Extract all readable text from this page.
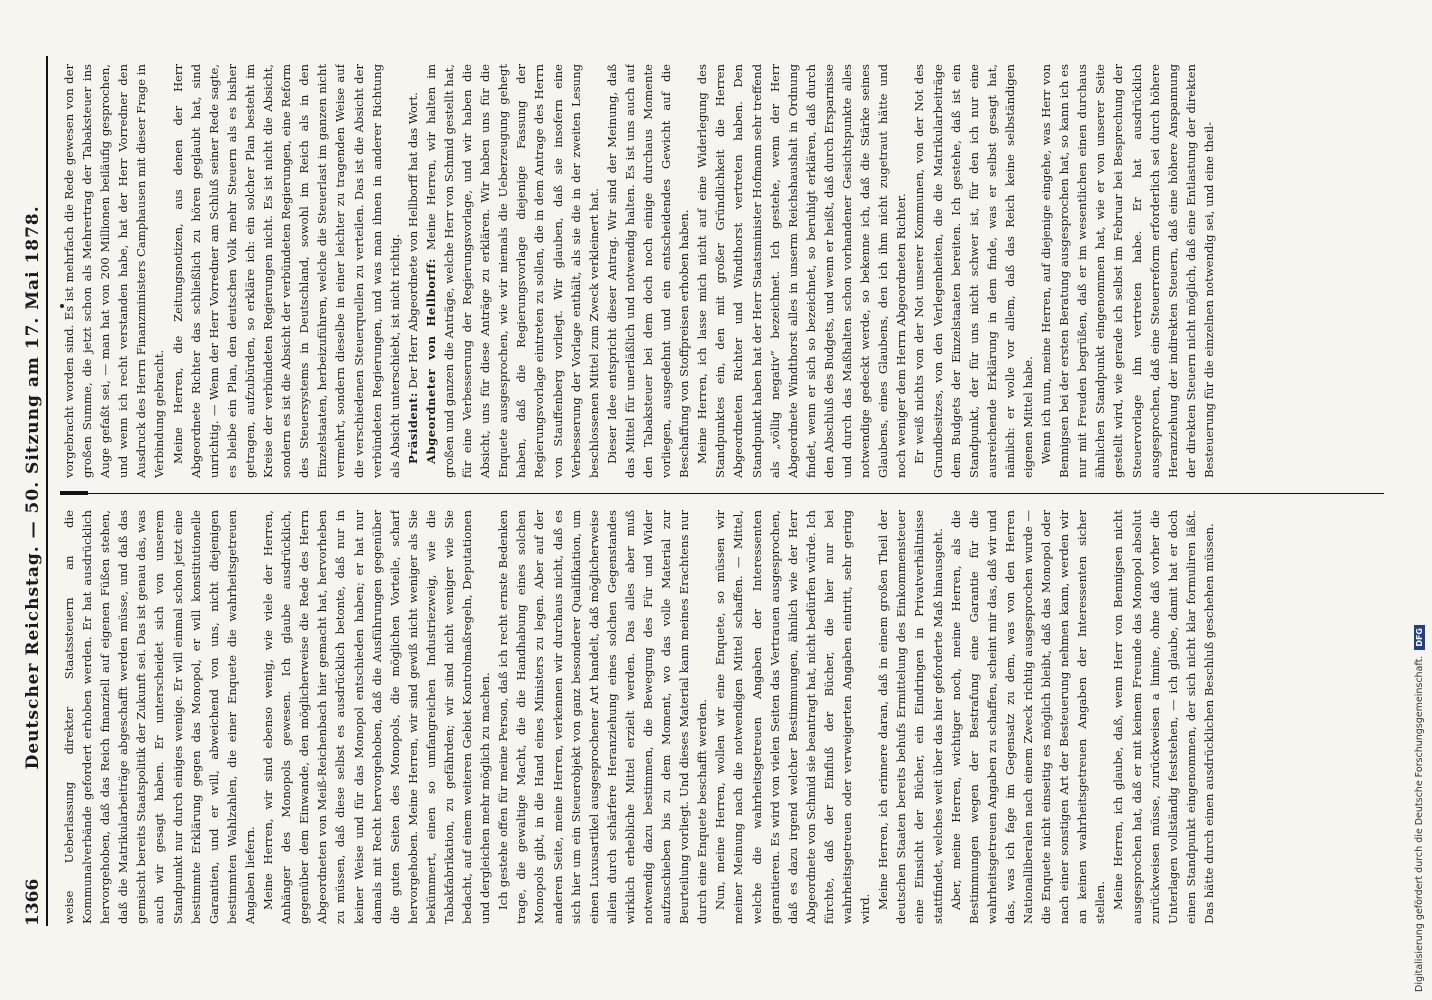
1366
Deutscher Reichstag. — 50. Sitzung am 17. Mai 1878. weise Ueberlassung direkter Staatssteuern an die Kommunalverbände gefordert erhoben werden. Er hat ausdrücklich hervorgehoben, daß das Reich finanziell auf eigenen Füßen stehen, daß die Matrikularbeiträge abgeschafft werden müsse, und daß das gemischt bereits Staatspolitik der Zukunft sei. Das ist genau das, was auch wir gesagt haben. Er unterscheidet sich von unserem Standpunkt nur durch einiges wenige. Er will einmal schon jetzt eine bestimmte Erklärung gegen das Monopol, er will konstitutionelle Garantien, und er will, abweichend von uns, nicht diejenigen bestimmten Wahlzahlen, die einer Enquete die wahrheitsgetreuen Angaben liefern. Meine Herren, wir sind ebenso wenig, wie viele der Herren, Anhänger des Monopols gewesen. Ich glaube ausdrücklich, gegenüber dem Einwande, den möglicherweise die Rede des Herrn Abgeordneten von Meiß-Reichenbach hier gemacht hat, hervorheben zu müssen, daß diese selbst es ausdrücklich betonte, daß nur in keiner Weise und für das Monopol entschieden haben; er hat nur damals mit Recht hervorgehoben, daß die Ausführungen gegenüber die guten Seiten des Monopols, die möglichen Vorteile, scharf hervorgehoben. Meine Herren, wir sind gewiß nicht weniger als Sie bekümmert, einen so umfangreichen Industriezweig, wie die Tabakfabrikation, zu gefährden; wir sind nicht weniger wie Sie bedacht, auf einem weiteren Gebiet Kontrolmaßregeln, Deputationen und dergleichen mehr möglich zu machen. Ich gestehe offen für meine Person, daß ich recht ernste Bedenken trage, die gewaltige Macht, die die Handhabung eines solchen Monopols gibt, in die Hand eines Ministers zu legen. Aber auf der anderen Seite, meine Herren, verkennen wir durchaus nicht, daß es sich hier um ein Steuerobjekt von ganz besonderer Qualifikation, um einen Luxusartikel ausgesprochener Art handelt, daß möglicherweise allein durch schärfere Heranziehung eines solchen Gegenstandes wirklich erhebliche Mittel erzielt werden. Das alles aber muß notwendig dazu bestimmen, die Bewegung des Für und Wider aufzuschieben bis zu dem Moment, wo das volle Material zur Beurteilung vorliegt. Und dieses Material kann meines Erachtens nur durch eine Enquete beschafft werden. Nun, meine Herren, wollen wir eine Enquete, so müssen wir meiner Meinung nach die notwendigen Mittel schaffen. — Mittel, welche die wahrheitsgetreuen Angaben der Interessenten garantieren. Es wird von vielen Seiten das Vertrauen ausgesprochen, daß es dazu irgend welcher Bestimmungen, ähnlich wie der Herr Abgeordnete von Schmid sie beantragt hat, nicht bedürfen würde. Ich fürchte, daß der Einfluß der Bücher, die hier nur bei wahrheitsgetreuen oder verweigerten Angaben eintritt, sehr gering wird. Meine Herren, ich erinnere daran, daß in einem großen Theil der deutschen Staaten bereits behufs Ermittelung des Einkommensteuer eine Einsicht der Bücher, ein Eindringen in Privatverhältnisse stattfindet, welches weit über das hier geforderte Maß hinausgeht. Aber, meine Herren, wichtiger noch, meine Herren, als die Bestimmungen wegen der Bestrafung eine Garantie für die wahrheitsgetreuen Angaben zu schaffen, scheint mir das, daß wir und das, was ich fage im Gegensatz zu dem, was von den Herren Nationalliberalen nach einem Zweck richtig ausgesprochen wurde — die Enquete nicht einseitig es möglich bleibt, daß das Monopol oder nach einer sonstigen Art der Besteuerung nehmen kann, werden wir an keinen wahrheitsgetreuen Angaben der Interessenten sicher stellen. Meine Herren, ich glaube, daß, wenn Herr von Bennigsen nicht ausgesprochen hat, daß er mit keinem Freunde das Monopol absolut zurückweisen müsse, zurückweisen a limine, ohne daß vorher die Unterlagen vollständig feststehen, — ich glaube, damit hat er doch einen Standpunkt eingenommen, der sich nicht klar formuliren läßt. Das hätte durch einen ausdrücklichen Beschluß geschehen müssen.

vorgebracht worden sind. Es ist mehrfach die Rede gewesen von der großen Summe, die jetzt schon als Mehrertrag der Tabaksteuer ins Auge gefaßt sei, — man hat von 200 Millionen beiläufig gesprochen, und wenn ich recht verstanden habe, hat der Herr Vorredner den Ausdruck des Herrn Finanzministers Camphausen mit dieser Frage in Verbindung gebracht. Meine Herren, die Zeitungsnotizen, aus denen der Herr Abgeordnete Richter das schließlich zu hören geglaubt hat, sind unrichtig. — Wenn der Herr Vorredner am Schluß seiner Rede sagte, es bleibe ein Plan, den deutschen Volk mehr Steuern als es bisher getragen, aufzubürden, so erkläre ich: ein solcher Plan besteht im Kreise der verbündeten Regierungen nicht. Es ist nicht die Absicht, sondern es ist die Absicht der verbündeten Regierungen, eine Reform des Steuersystems in Deutschland, sowohl im Reich als in den Einzelstaaten, herbeizuführen, welche die Steuerlast im ganzen nicht vermehrt, sondern dieselbe in einer leichter zu tragenden Weise auf die verschiedenen Steuerquellen zu verteilen. Das ist die Absicht der verbündeten Regierungen, und was man ihnen in anderer Richtung als Absicht unterschiebt, ist nicht richtig. Präsident: Der Herr Abgeordnete von Hellborff hat das Wort. Abgeordneter von Hellborff: Meine Herren, wir halten im großen und ganzen die Anträge, welche Herr von Schmid gestellt hat, für eine Verbesserung der Regierungsvorlage, und wir haben die Absicht, uns für diese Anträge zu erklären. Wir haben uns für die Enquete ausgesprochen, wie wir niemals die Ueberzeugung gehegt haben, daß die Regierungsvorlage diejenige Fassung der Regierungsvorlage eintreten zu sollen, die in dem Antrage des Herrn von Stauffenberg vorliegt. Wir glauben, daß sie insofern eine Verbesserung der Vorlage enthält, als sie die in der zweiten Lesung beschlossenen Mittel zum Zweck verkleinert hat. Dieser Idee entspricht dieser Antrag. Wir sind der Meinung, daß das Mittel für unerläßlich und notwendig halten. Es ist uns auch auf den Tabaksteuer bei dem doch noch einige durchaus Momente vorliegen, ausgedehnt und ein entscheidendes Gewicht auf die Beschaffung von Stoffpreisen erhoben haben. Meine Herren, ich lasse mich nicht auf eine Widerlegung des Standpunktes ein, den mit großer Gründlichkeit die Herren Abgeordneten Richter und Windthorst vertreten haben. Den Standpunkt haben hat der Herr Staatsminister Hofmann sehr treffend als „völlig negativ“ bezeichnet. Ich gestehe, wenn der Herr Abgeordnete Windthorst alles in unserm Reichshaushalt in Ordnung findet, wenn er sich so bezeichnet, so beruhigt erklären, daß durch den Abschluß des Budgets, und wenn er heißt, daß durch Ersparnisse und durch das Maßhalten schon vorhandener Gesichtspunkte alles notwendige gedeckt werde, so bekenne ich, daß die Stärke seines Glaubens, eines Glaubens, den ich ihm nicht zugetraut hätte und noch weniger dem Herrn Abgeordneten Richter. Er weiß nichts von der Not unserer Kommunen, von der Not des Grundbesitzes, von den Verlegenheiten, die die Matrikularbeiträge dem Budgets der Einzelstaaten bereiten. Ich gestehe, daß ist ein Standpunkt, der für uns nicht schwer ist, für den ich nur eine ausreichende Erklärung in dem finde, was er selbst gesagt hat, nämlich: er wolle vor allem, daß das Reich keine selbständigen eigenen Mittel habe. Wenn ich nun, meine Herren, auf diejenige eingehe, was Herr von Bennigsen bei der ersten Beratung ausgesprochen hat, so kann ich es nur mit Freuden begrüßen, daß er im wesentlichen einen durchaus ähnlichen Standpunkt eingenommen hat, wie er von unserer Seite gestellt wird, wie gerade ich selbst im Februar bei Besprechung der Steuervorlage ihn vertreten habe. Er hat ausdrücklich ausgesprochen, daß eine Steuerreform erforderlich sei durch höhere Heranziehung der indirekten Steuern, daß eine höhere Anspannung der direkten Steuern nicht möglich, daß eine Entlastung der direkten Besteuerung für die einzelnen notwendig sei, und eine theil-

Digitalisierung gefördert durch die Deutsche Forschungsgemeinschaft.
DFG
